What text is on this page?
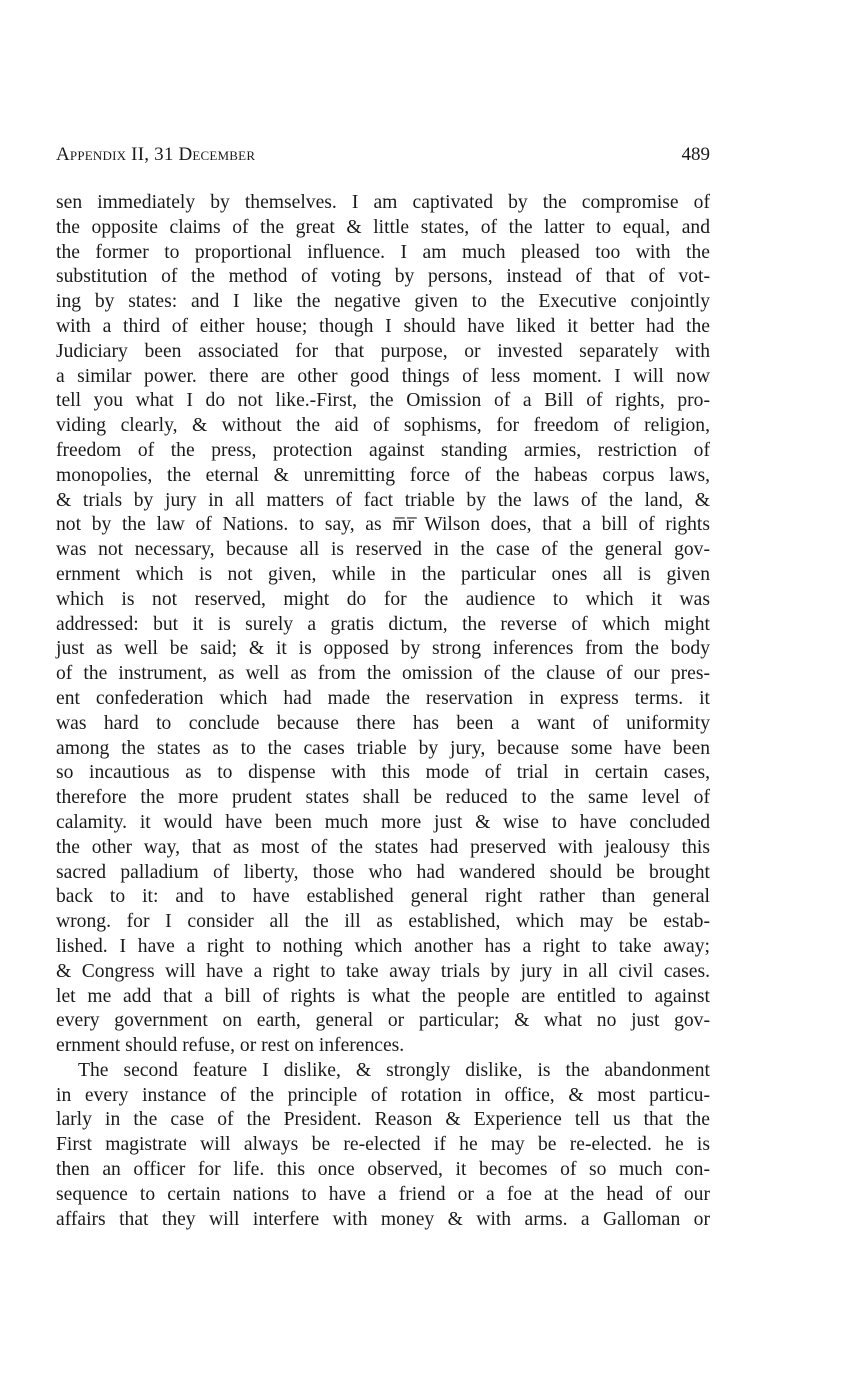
Appendix II, 31 December	489

sen immediately by themselves. I am captivated by the compromise of
the opposite claims of the great & little states, of the latter to equal, and
the former to proportional influence. I am much pleased too with the
substitution of the method of voting by persons, instead of that of vot-
ing by states: and I like the negative given to the Executive conjointly
with a third of either house; though I should have liked it better had the
Judiciary been associated for that purpose, or invested separately with
a similar power. there are other good things of less moment. I will now
tell you what I do not like.-First, the Omission of a Bill of rights, pro-
viding clearly, & without the aid of sophisms, for freedom of religion,
freedom of the press, protection against standing armies, restriction of
monopolies, the eternal & unremitting force of the habeas corpus laws,
& trials by jury in all matters of fact triable by the laws of the land, &
not by the law of Nations. to say, as m̅r̅ Wilson does, that a bill of rights
was not necessary, because all is reserved in the case of the general gov-
ernment which is not given, while in the particular ones all is given
which is not reserved, might do for the audience to which it was
addressed: but it is surely a gratis dictum, the reverse of which might
just as well be said; & it is opposed by strong inferences from the body
of the instrument, as well as from the omission of the clause of our pres-
ent confederation which had made the reservation in express terms. it
was hard to conclude because there has been a want of uniformity
among the states as to the cases triable by jury, because some have been
so incautious as to dispense with this mode of trial in certain cases,
therefore the more prudent states shall be reduced to the same level of
calamity. it would have been much more just & wise to have concluded
the other way, that as most of the states had preserved with jealousy this
sacred palladium of liberty, those who had wandered should be brought
back to it: and to have established general right rather than general
wrong. for I consider all the ill as established, which may be estab-
lished. I have a right to nothing which another has a right to take away;
& Congress will have a right to take away trials by jury in all civil cases.
let me add that a bill of rights is what the people are entitled to against
every government on earth, general or particular; & what no just gov-
ernment should refuse, or rest on inferences.

The second feature I dislike, & strongly dislike, is the abandonment
in every instance of the principle of rotation in office, & most particu-
larly in the case of the President. Reason & Experience tell us that the
First magistrate will always be re-elected if he may be re-elected. he is
then an officer for life. this once observed, it becomes of so much con-
sequence to certain nations to have a friend or a foe at the head of our
affairs that they will interfere with money & with arms. a Galloman or
